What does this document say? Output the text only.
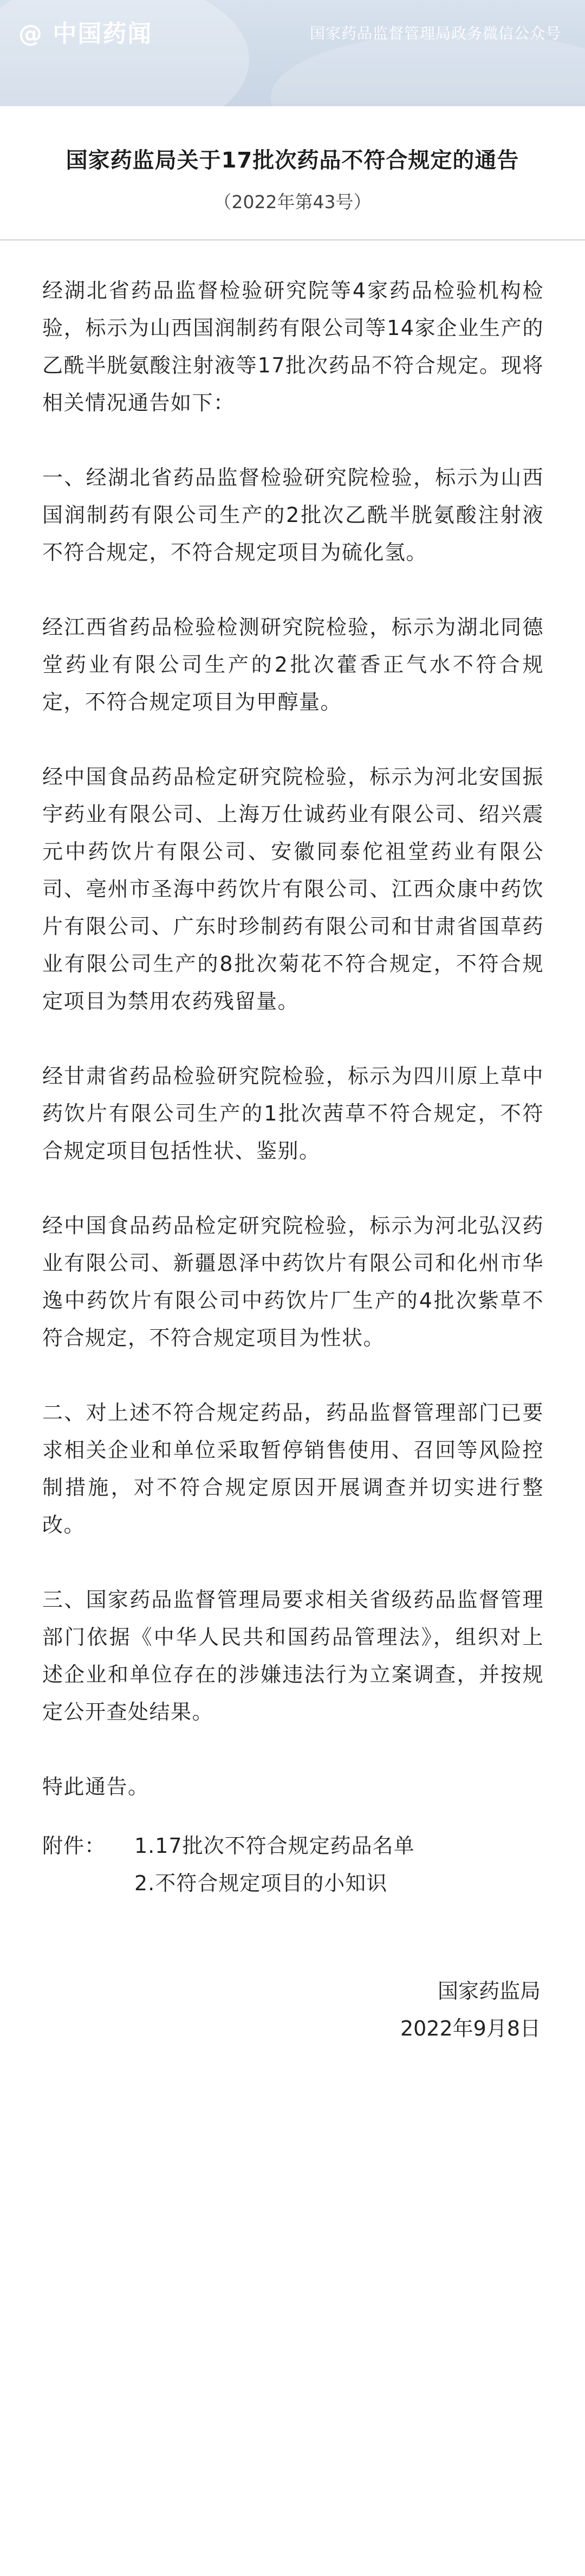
@ 中国药闻	国家药品监督管理局政务微信公众号
国家药监局关于17批次药品不符合规定的通告
（2022年第43号）

经湖北省药品监督检验研究院等4家药品检验机构检验，标示为山西国润制药有限公司等14家企业生产的乙酰半胱氨酸注射液等17批次药品不符合规定。现将相关情况通告如下：

一、经湖北省药品监督检验研究院检验，标示为山西国润制药有限公司生产的2批次乙酰半胱氨酸注射液不符合规定，不符合规定项目为硫化氢。

经江西省药品检验检测研究院检验，标示为湖北同德堂药业有限公司生产的2批次藿香正气水不符合规定，不符合规定项目为甲醇量。

经中国食品药品检定研究院检验，标示为河北安国振宇药业有限公司、上海万仕诚药业有限公司、绍兴震元中药饮片有限公司、安徽同泰佗祖堂药业有限公司、亳州市圣海中药饮片有限公司、江西众康中药饮片有限公司、广东时珍制药有限公司和甘肃省国草药业有限公司生产的8批次菊花不符合规定，不符合规定项目为禁用农药残留量。

经甘肃省药品检验研究院检验，标示为四川原上草中药饮片有限公司生产的1批次茜草不符合规定，不符合规定项目包括性状、鉴别。

经中国食品药品检定研究院检验，标示为河北弘汉药业有限公司、新疆恩泽中药饮片有限公司和化州市华逸中药饮片有限公司中药饮片厂生产的4批次紫草不符合规定，不符合规定项目为性状。

二、对上述不符合规定药品，药品监督管理部门已要求相关企业和单位采取暂停销售使用、召回等风险控制措施，对不符合规定原因开展调查并切实进行整改。

三、国家药品监督管理局要求相关省级药品监督管理部门依据《中华人民共和国药品管理法》，组织对上述企业和单位存在的涉嫌违法行为立案调查，并按规定公开查处结果。

特此通告。

附件：	1.17批次不符合规定药品名单
2.不符合规定项目的小知识
国家药监局
2022年9月8日
